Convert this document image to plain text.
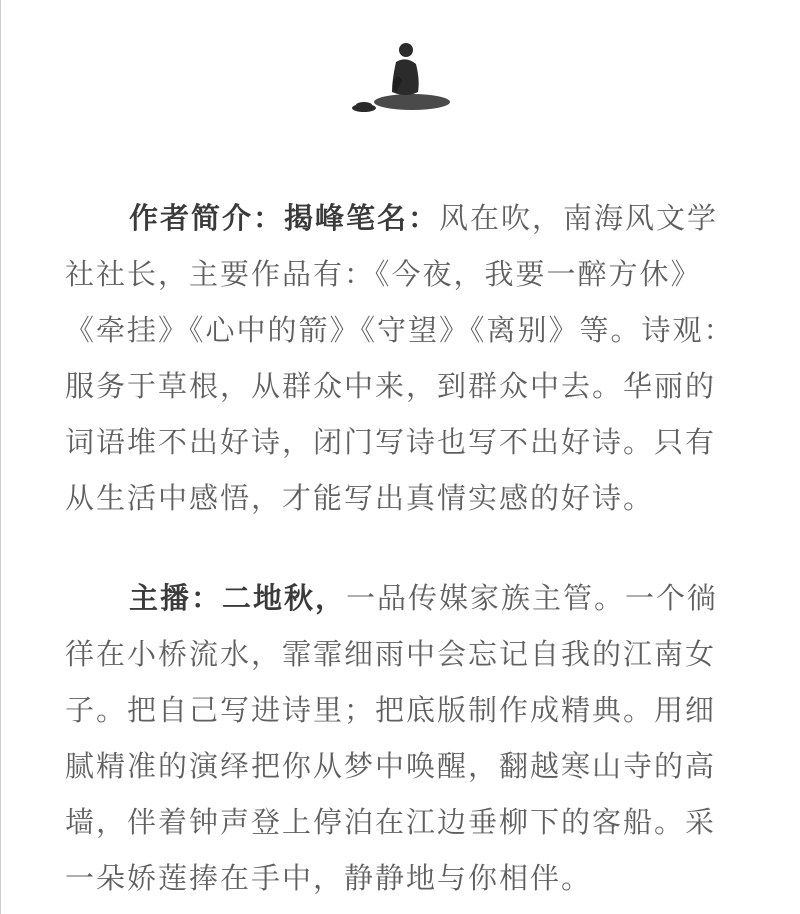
作者简介：揭峰笔名：风在吹，南海风文学社社长，主要作品有：《今夜，我要一醉方休》《牵挂》《心中的箭》《守望》《离别》等。诗观：服务于草根，从群众中来，到群众中去。华丽的词语堆不出好诗，闭门写诗也写不出好诗。只有从生活中感悟，才能写出真情实感的好诗。

主播：二地秋，一品传媒家族主管。一个徜徉在小桥流水，霏霏细雨中会忘记自我的江南女子。把自己写进诗里；把底版制作成精典。用细腻精准的演绎把你从梦中唤醒，翻越寒山寺的高墙，伴着钟声登上停泊在江边垂柳下的客船。采一朵娇莲捧在手中，静静地与你相伴。
